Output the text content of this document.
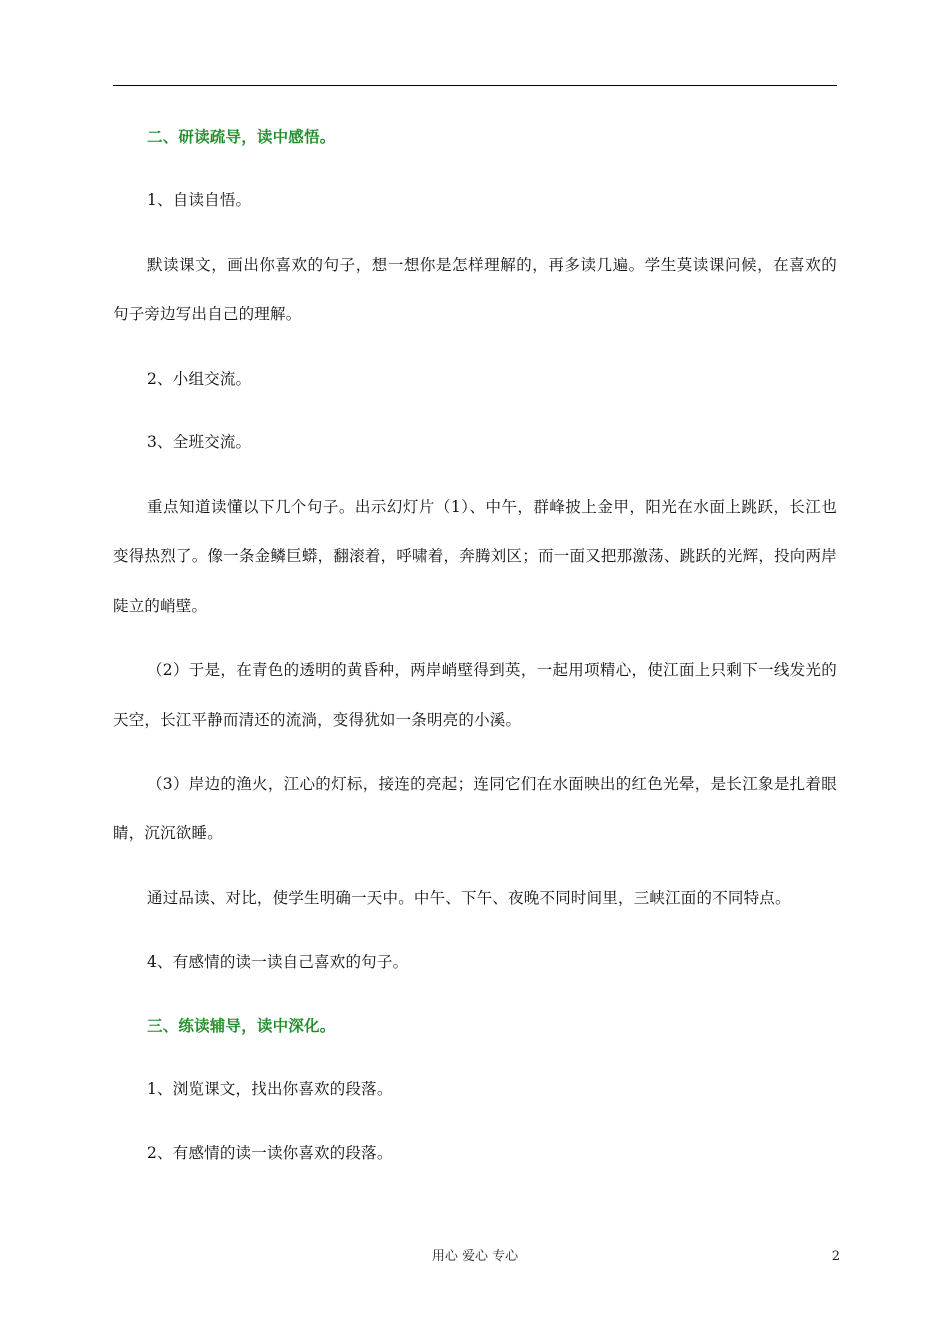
二、研读疏导，读中感悟。
1、自读自悟。
默读课文，画出你喜欢的句子，想一想你是怎样理解的，再多读几遍。学生莫读课问候，在喜欢的
句子旁边写出自己的理解。
2、小组交流。
3、全班交流。
重点知道读懂以下几个句子。出示幻灯片（1）、中午，群峰披上金甲，阳光在水面上跳跃，长江也
变得热烈了。像一条金鳞巨蟒，翻滚着，呼啸着，奔腾刘区；而一面又把那激荡、跳跃的光辉，投向两岸
陡立的峭壁。
（2）于是，在青色的透明的黄昏种，两岸峭壁得到英，一起用项精心，使江面上只剩下一线发光的
天空，长江平静而清还的流淌，变得犹如一条明亮的小溪。
（3）岸边的渔火，江心的灯标，接连的亮起；连同它们在水面映出的红色光晕，是长江象是扎着眼
睛，沉沉欲睡。
通过品读、对比，使学生明确一天中。中午、下午、夜晚不同时间里，三峡江面的不同特点。
4、有感情的读一读自己喜欢的句子。
三、练读辅导，读中深化。
1、浏览课文，找出你喜欢的段落。
2、有感情的读一读你喜欢的段落。
用心 爱心 专心	2
